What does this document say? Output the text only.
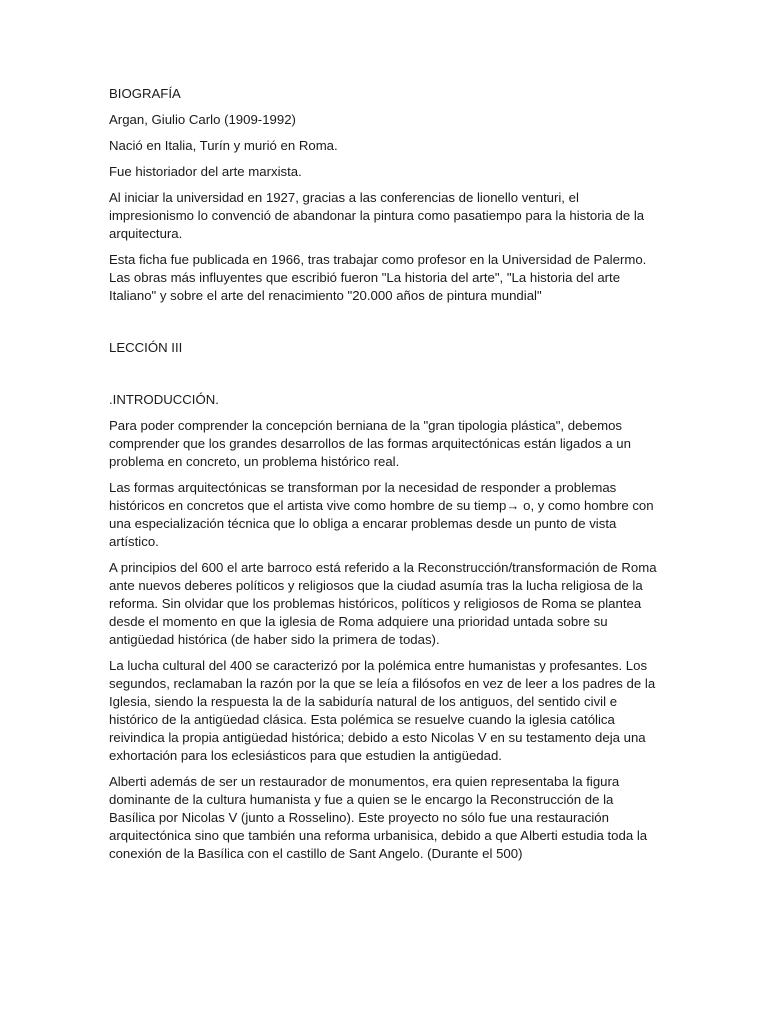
BIOGRAFÍA

Argan, Giulio Carlo (1909-1992)

Nació en Italia, Turín y murió en Roma.

Fue historiador del arte marxista.

Al iniciar la universidad en 1927, gracias a las conferencias de lionello venturi, el impresionismo lo convenció de abandonar la pintura como pasatiempo para la historia de la arquitectura.

Esta ficha fue publicada en 1966, tras trabajar como profesor en la Universidad de Palermo. Las obras más influyentes que escribió fueron "La historia del arte", "La historia del arte Italiano" y sobre el arte del renacimiento "20.000 años de pintura mundial"

LECCIÓN III

.INTRODUCCIÓN.

Para poder comprender la concepción berniana de la "gran tipologia plástica", debemos comprender que los grandes desarrollos de las formas arquitectónicas están ligados a un problema en concreto, un problema histórico real.

Las formas arquitectónicas se transforman por la necesidad de responder a problemas históricos en concretos que el artista vive como hombre de su tiemp→ o, y como hombre con una especialización técnica que lo obliga a encarar problemas desde un punto de vista artístico.

A principios del 600 el arte barroco está referido a la Reconstrucción/transformación de Roma ante nuevos deberes políticos y religiosos que la ciudad asumía tras la lucha religiosa de la reforma. Sin olvidar que los problemas históricos, políticos y religiosos de Roma se plantea desde el momento en que la iglesia de Roma adquiere una prioridad untada sobre su antigüedad histórica (de haber sido la primera de todas).

La lucha cultural del 400 se caracterizó por la polémica entre humanistas y profesantes. Los segundos, reclamaban la razón por la que se leía a filósofos en vez de leer a los padres de la Iglesia, siendo la respuesta la de la sabiduría natural de los antiguos, del sentido civil e histórico de la antigüedad clásica. Esta polémica se resuelve cuando la iglesia católica reivindica la propia antigüedad histórica; debido a esto Nicolas V en su testamento deja una exhortación para los eclesiásticos para que estudien la antigüedad.

Alberti además de ser un restaurador de monumentos, era quien representaba la figura dominante de la cultura humanista y fue a quien se le encargo la Reconstrucción de la Basílica por Nicolas V (junto a Rosselino). Este proyecto no sólo fue una restauración arquitectónica sino que también una reforma urbanisica, debido a que Alberti estudia toda la conexión de la Basílica con el castillo de Sant Angelo. (Durante el 500)
